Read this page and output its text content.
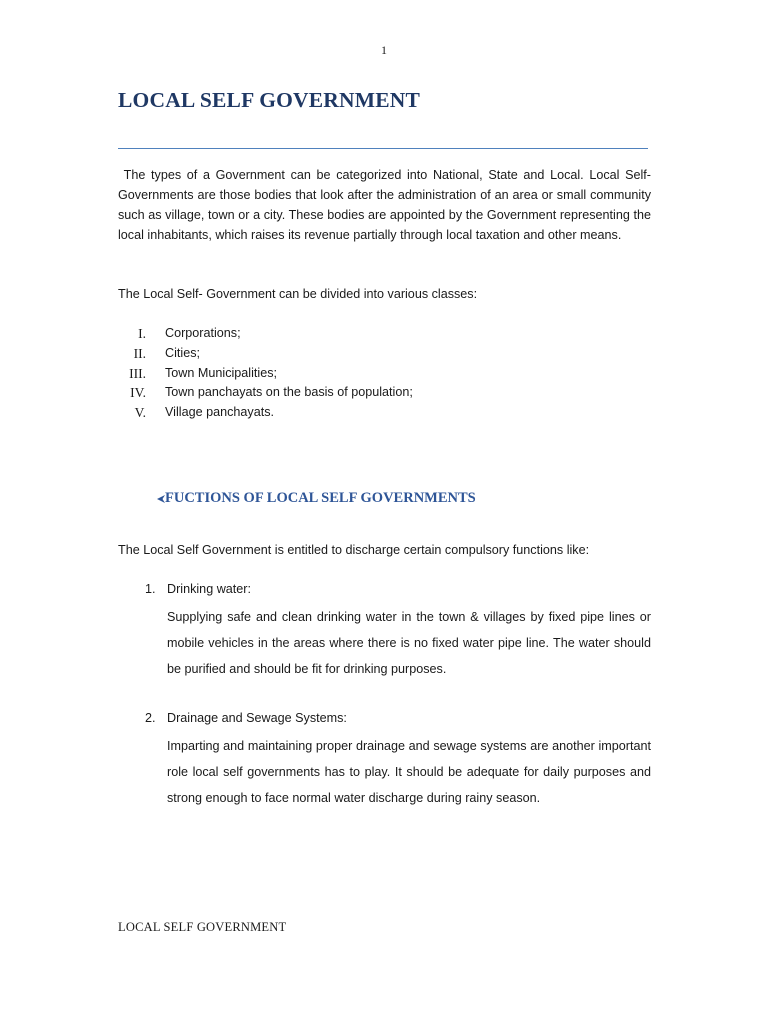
1
LOCAL SELF GOVERNMENT

The types of a Government can be categorized into National, State and Local. Local Self-Governments are those bodies that look after the administration of an area or small community such as village, town or a city. These bodies are appointed by the Government representing the local inhabitants, which raises its revenue partially through local taxation and other means.

The Local Self- Government can be divided into various classes:

I.	Corporations;
II.	Cities;
III.	Town Municipalities;
IV.	Town panchayats on the basis of population;
V.	Village panchayats.
FUCTIONS OF LOCAL SELF GOVERNMENTS

The Local Self Government is entitled to discharge certain compulsory functions like:

1. Drinking water:

Supplying safe and clean drinking water in the town & villages by fixed pipe lines or mobile vehicles in the areas where there is no fixed water pipe line. The water should be purified and should be fit for drinking purposes.

2. Drainage and Sewage Systems:

Imparting and maintaining proper drainage and sewage systems are another important role local self governments has to play. It should be adequate for daily purposes and strong enough to face normal water discharge during rainy season.

LOCAL SELF GOVERNMENT
